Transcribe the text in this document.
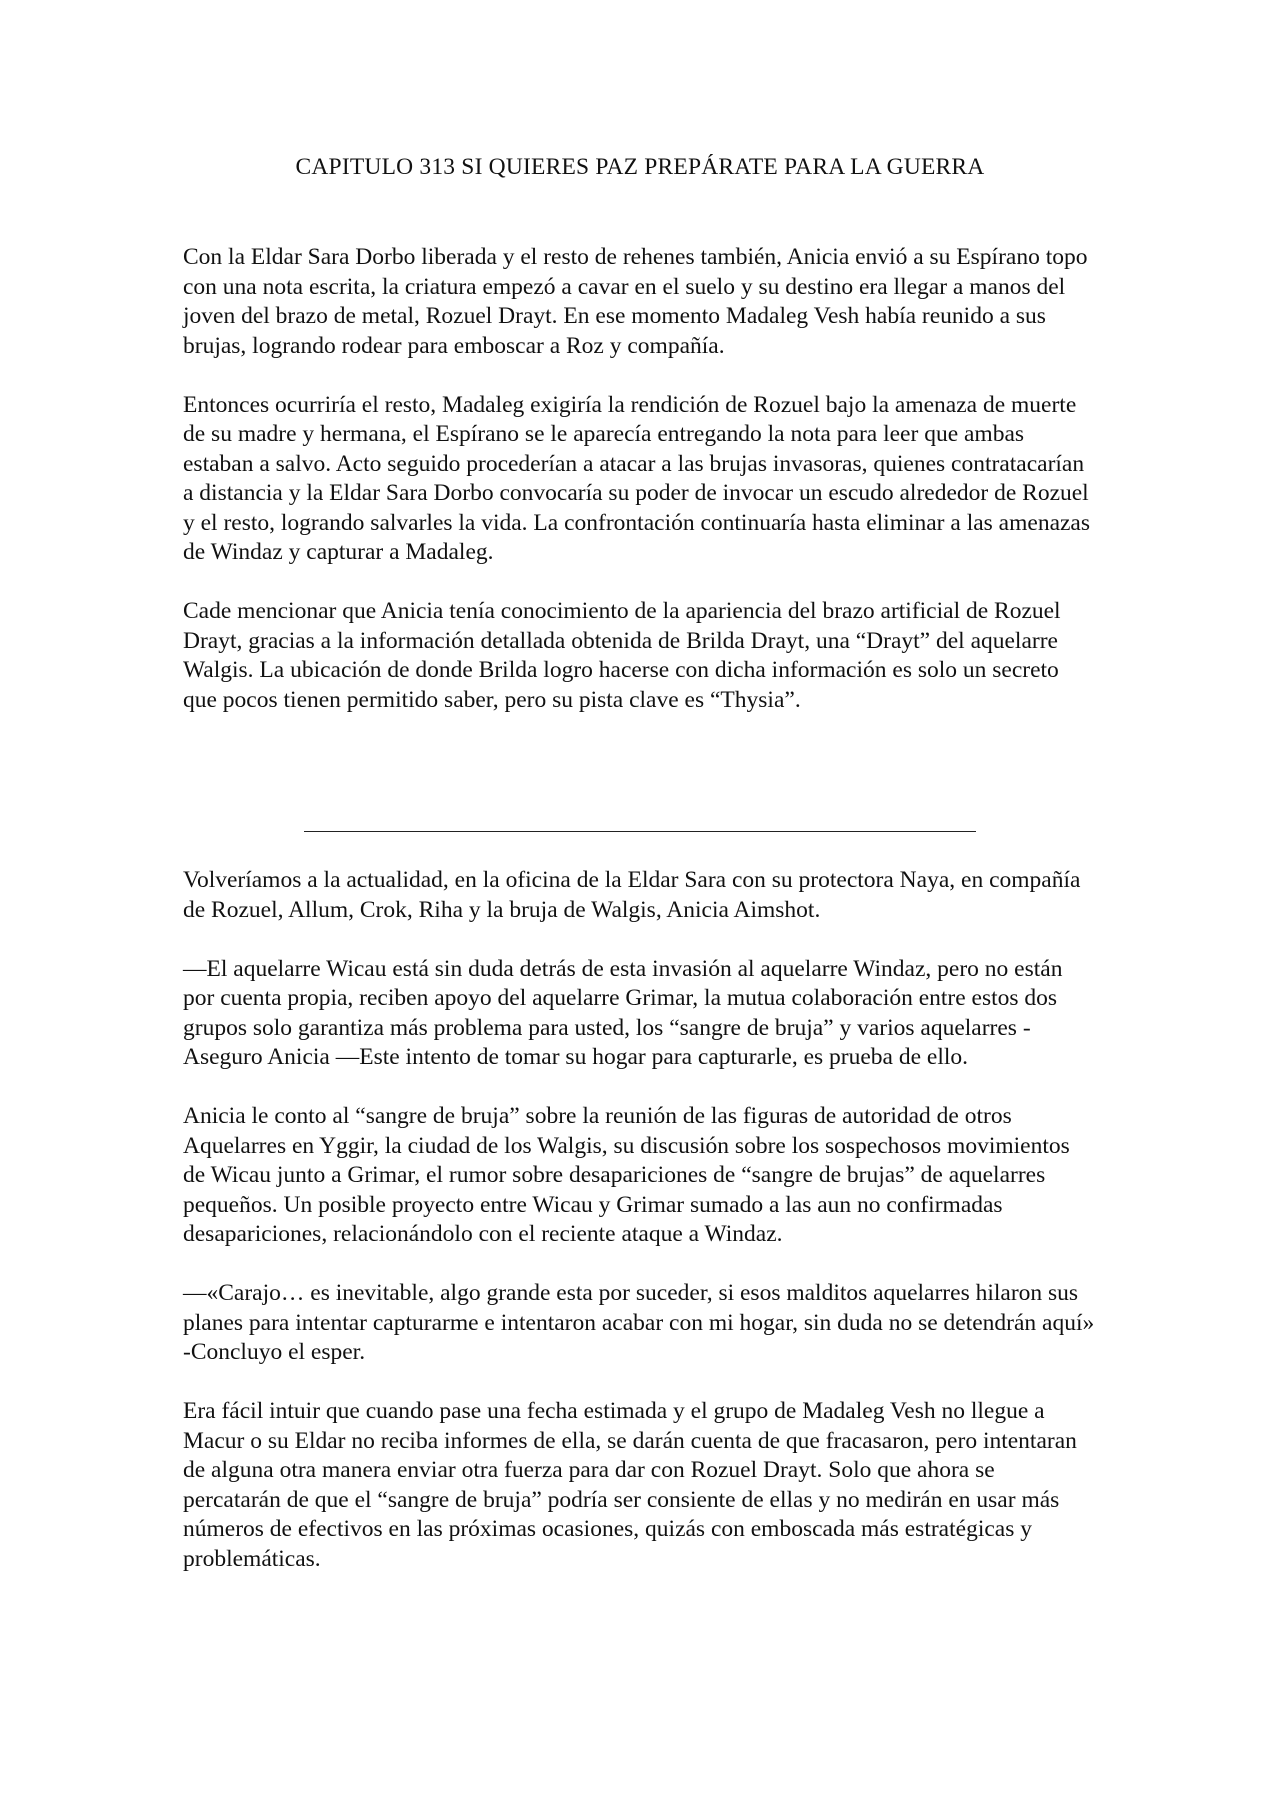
CAPITULO 313 SI QUIERES PAZ PREPÁRATE PARA LA GUERRA

Con la Eldar Sara Dorbo liberada y el resto de rehenes también, Anicia envió a su Espírano topo con una nota escrita, la criatura empezó a cavar en el suelo y su destino era llegar a manos del joven del brazo de metal, Rozuel Drayt. En ese momento Madaleg Vesh había reunido a sus brujas, logrando rodear para emboscar a Roz y compañía.

Entonces ocurriría el resto, Madaleg exigiría la rendición de Rozuel bajo la amenaza de muerte de su madre y hermana, el Espírano se le aparecía entregando la nota para leer que ambas estaban a salvo. Acto seguido procederían a atacar a las brujas invasoras, quienes contratacarían a distancia y la Eldar Sara Dorbo convocaría su poder de invocar un escudo alrededor de Rozuel y el resto, logrando salvarles la vida. La confrontación continuaría hasta eliminar a las amenazas de Windaz y capturar a Madaleg.

Cade mencionar que Anicia tenía conocimiento de la apariencia del brazo artificial de Rozuel Drayt, gracias a la información detallada obtenida de Brilda Drayt, una “Drayt” del aquelarre Walgis. La ubicación de donde Brilda logro hacerse con dicha información es solo un secreto que pocos tienen permitido saber, pero su pista clave es “Thysia”.

Volveríamos a la actualidad, en la oficina de la Eldar Sara con su protectora Naya, en compañía de Rozuel, Allum, Crok, Riha y la bruja de Walgis, Anicia Aimshot.

—El aquelarre Wicau está sin duda detrás de esta invasión al aquelarre Windaz, pero no están por cuenta propia, reciben apoyo del aquelarre Grimar, la mutua colaboración entre estos dos grupos solo garantiza más problema para usted, los “sangre de bruja” y varios aquelarres -Aseguro Anicia —Este intento de tomar su hogar para capturarle, es prueba de ello.

Anicia le conto al “sangre de bruja” sobre la reunión de las figuras de autoridad de otros Aquelarres en Yggir, la ciudad de los Walgis, su discusión sobre los sospechosos movimientos de Wicau junto a Grimar, el rumor sobre desapariciones de “sangre de brujas” de aquelarres pequeños. Un posible proyecto entre Wicau y Grimar sumado a las aun no confirmadas desapariciones, relacionándolo con el reciente ataque a Windaz.

—«Carajo… es inevitable, algo grande esta por suceder, si esos malditos aquelarres hilaron sus planes para intentar capturarme e intentaron acabar con mi hogar, sin duda no se detendrán aquí» -Concluyo el esper.

Era fácil intuir que cuando pase una fecha estimada y el grupo de Madaleg Vesh no llegue a Macur o su Eldar no reciba informes de ella, se darán cuenta de que fracasaron, pero intentaran de alguna otra manera enviar otra fuerza para dar con Rozuel Drayt. Solo que ahora se percatarán de que el “sangre de bruja” podría ser consiente de ellas y no medirán en usar más números de efectivos en las próximas ocasiones, quizás con emboscada más estratégicas y problemáticas.
